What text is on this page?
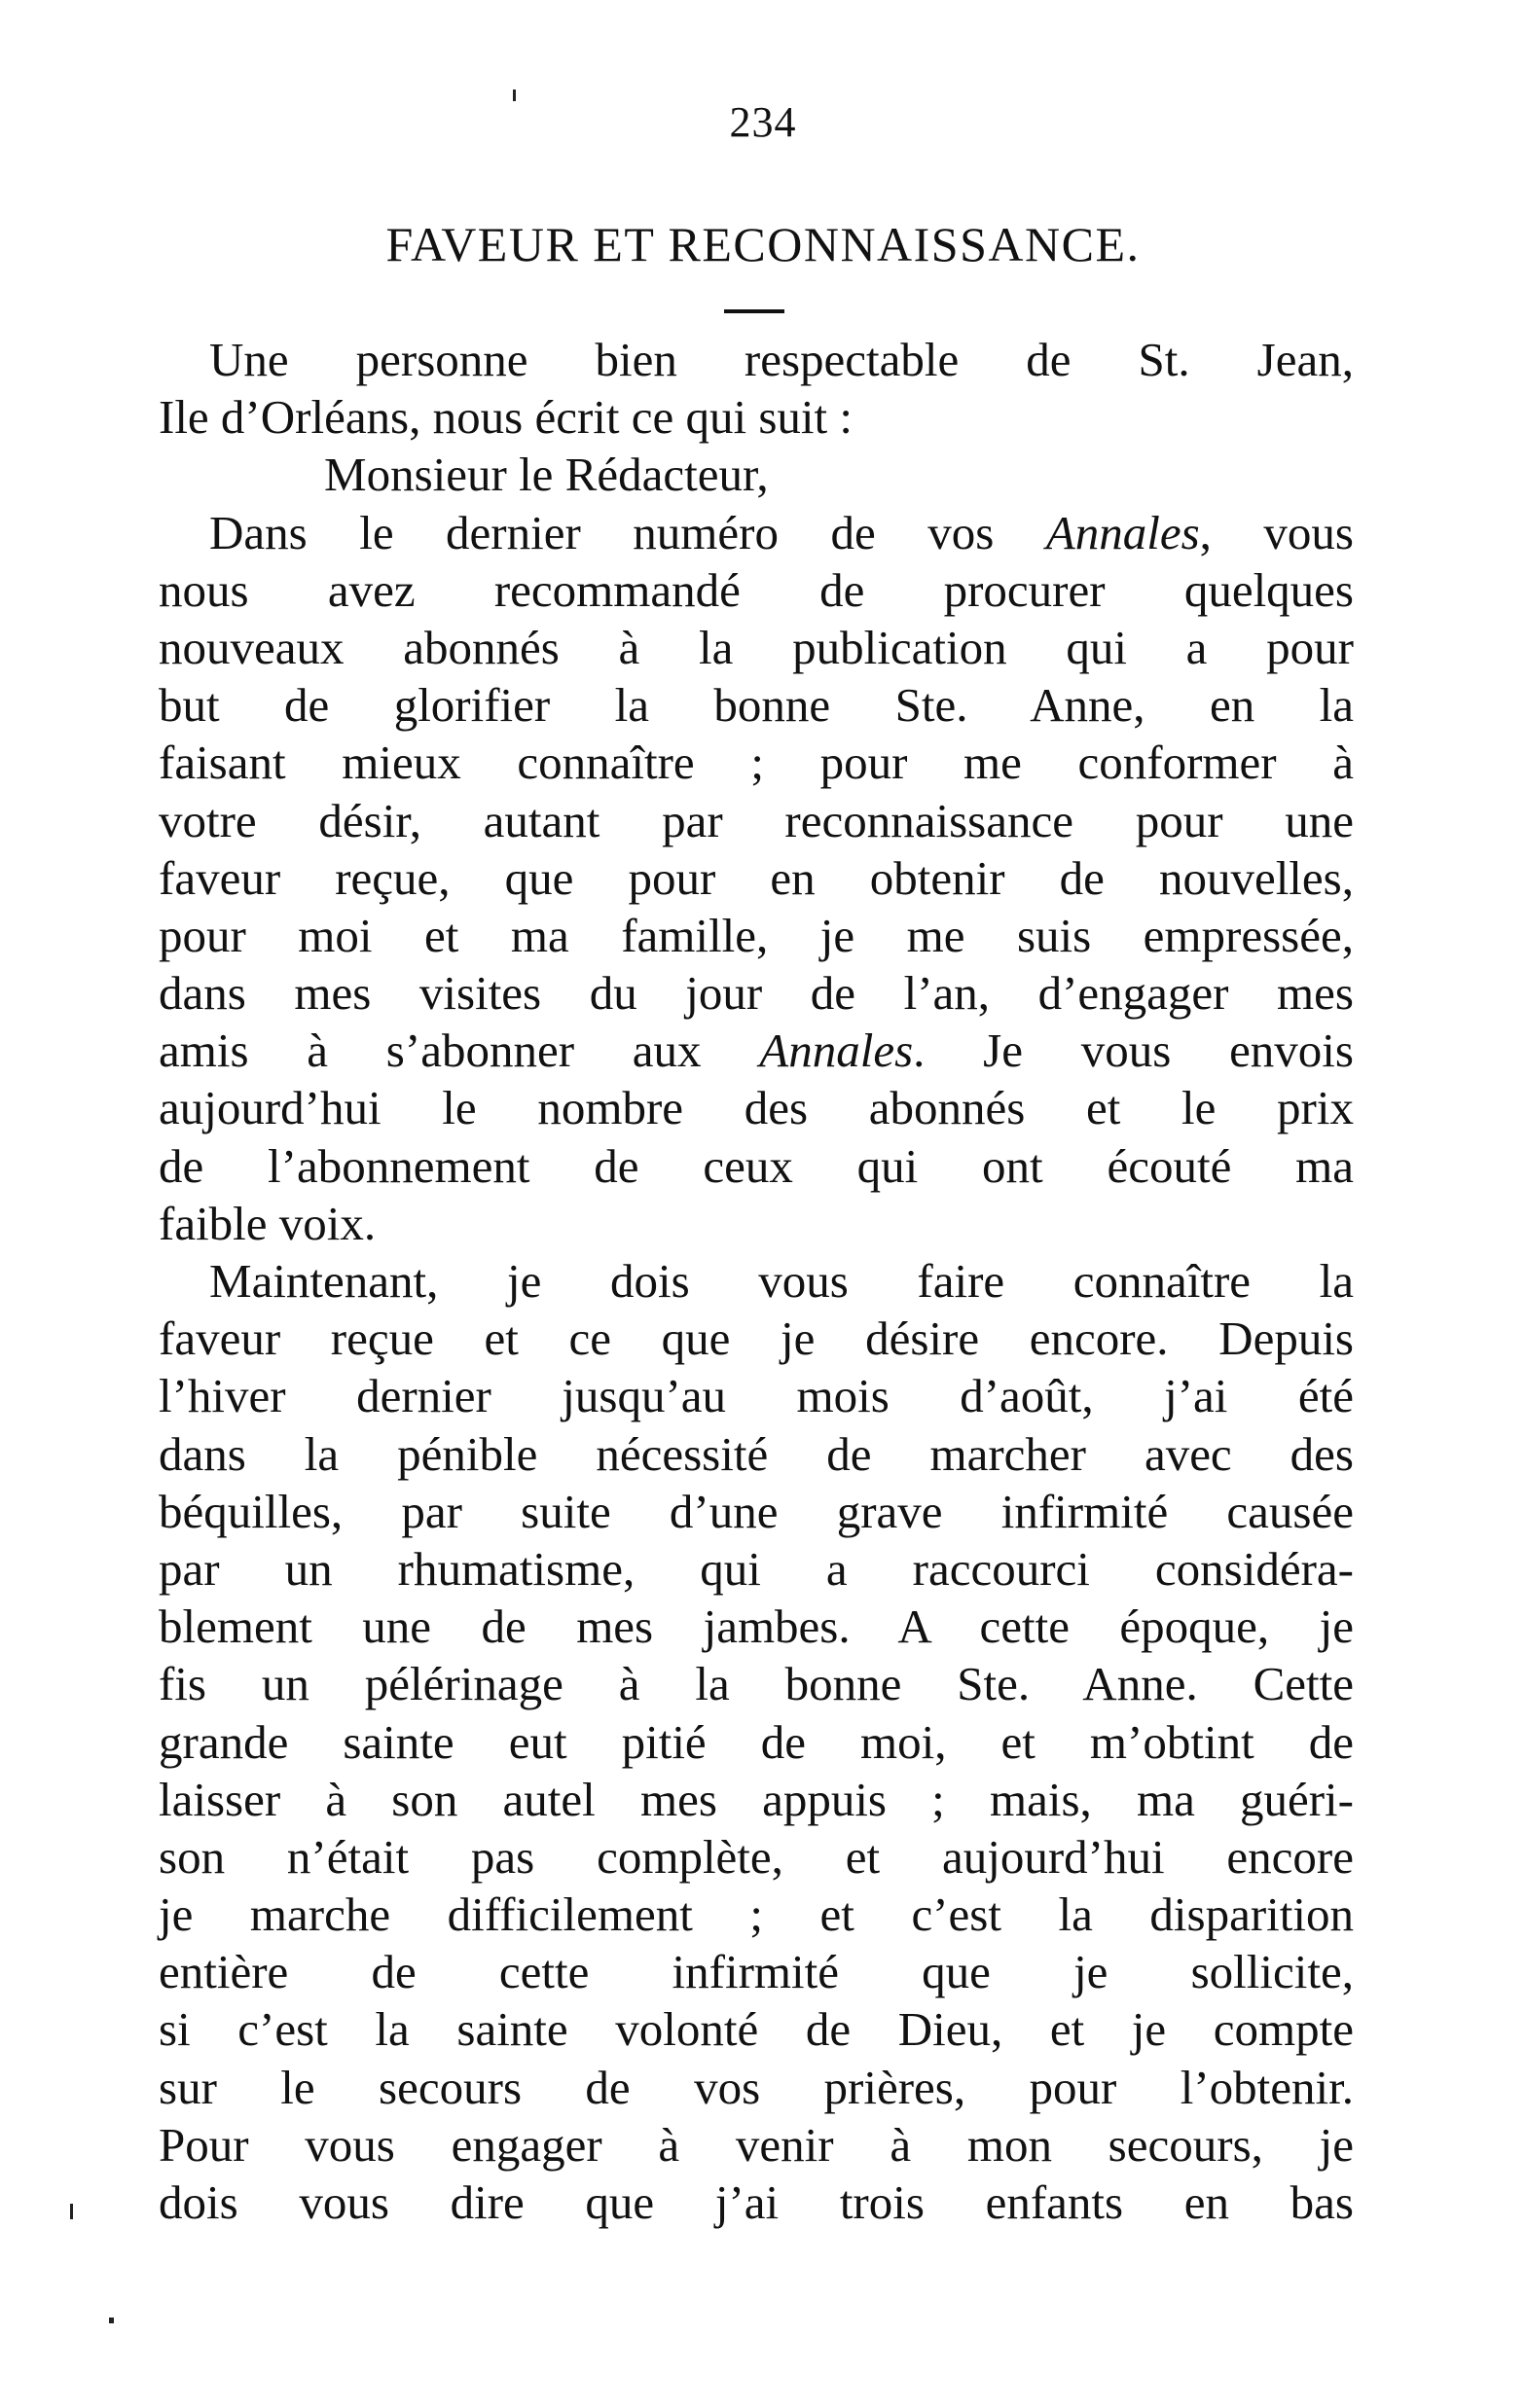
234
FAVEUR ET RECONNAISSANCE.
Une personne bien respectable de St. Jean,
Ile d’Orléans, nous écrit ce qui suit :
Monsieur le Rédacteur,
Dans le dernier numéro de vos Annales, vous
nous avez recommandé de procurer quelques
nouveaux abonnés à la publication qui a pour
but de glorifier la bonne Ste. Anne, en la
faisant mieux connaître ; pour me conformer à
votre désir, autant par reconnaissance pour une
faveur reçue, que pour en obtenir de nouvelles,
pour moi et ma famille, je me suis empressée,
dans mes visites du jour de l’an, d’engager mes
amis à s’abonner aux Annales. Je vous envois
aujourd’hui le nombre des abonnés et le prix
de l’abonnement de ceux qui ont écouté ma
faible voix.
Maintenant, je dois vous faire connaître la
faveur reçue et ce que je désire encore. Depuis
l’hiver dernier jusqu’au mois d’août, j’ai été
dans la pénible nécessité de marcher avec des
béquilles, par suite d’une grave infirmité causée
par un rhumatisme, qui a raccourci considéra-
blement une de mes jambes. A cette époque, je
fis un pélérinage à la bonne Ste. Anne. Cette
grande sainte eut pitié de moi, et m’obtint de
laisser à son autel mes appuis ; mais, ma guéri-
son n’était pas complète, et aujourd’hui encore
je marche difficilement ; et c’est la disparition
entière de cette infirmité que je sollicite,
si c’est la sainte volonté de Dieu, et je compte
sur le secours de vos prières, pour l’obtenir.
Pour vous engager à venir à mon secours, je
dois vous dire que j’ai trois enfants en bas
